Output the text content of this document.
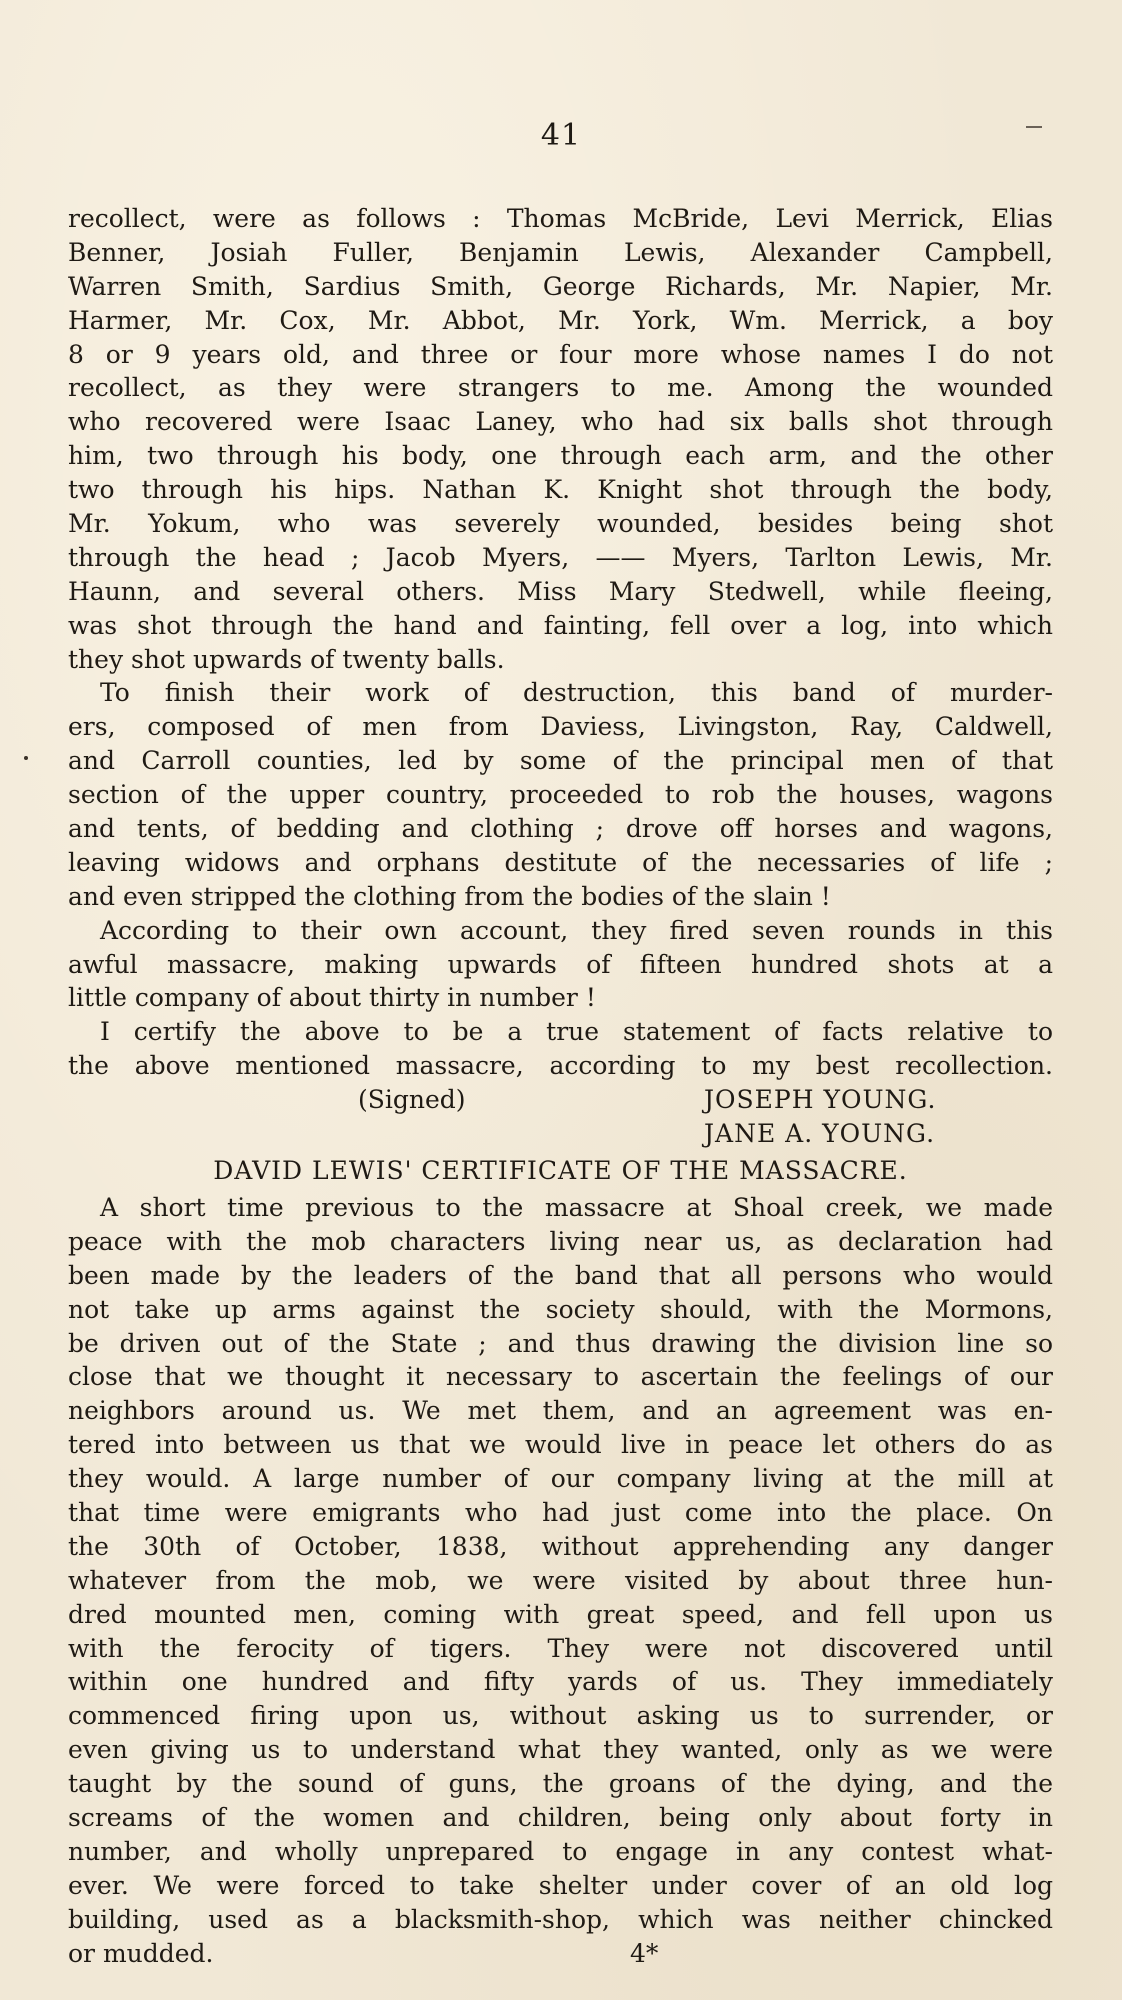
41
recollect, were as follows : Thomas McBride, Levi Merrick, Elias
Benner, Josiah Fuller, Benjamin Lewis, Alexander Campbell,
Warren Smith, Sardius Smith, George Richards, Mr. Napier, Mr.
Harmer, Mr. Cox, Mr. Abbot, Mr. York, Wm. Merrick, a boy
8 or 9 years old, and three or four more whose names I do not
recollect, as they were strangers to me. Among the wounded
who recovered were Isaac Laney, who had six balls shot through
him, two through his body, one through each arm, and the other
two through his hips. Nathan K. Knight shot through the body,
Mr. Yokum, who was severely wounded, besides being shot
through the head ; Jacob Myers, —— Myers, Tarlton Lewis, Mr.
Haunn, and several others. Miss Mary Stedwell, while fleeing,
was shot through the hand and fainting, fell over a log, into which
they shot upwards of twenty balls.
To finish their work of destruction, this band of murder-
ers, composed of men from Daviess, Livingston, Ray, Caldwell,
and Carroll counties, led by some of the principal men of that
section of the upper country, proceeded to rob the houses, wagons
and tents, of bedding and clothing ; drove off horses and wagons,
leaving widows and orphans destitute of the necessaries of life ;
and even stripped the clothing from the bodies of the slain !
According to their own account, they fired seven rounds in this
awful massacre, making upwards of fifteen hundred shots at a
little company of about thirty in number !
I certify the above to be a true statement of facts relative to
the above mentioned massacre, according to my best recollection.
(Signed)	JOSEPH YOUNG.
JANE A. YOUNG.
DAVID LEWIS' CERTIFICATE OF THE MASSACRE.
A short time previous to the massacre at Shoal creek, we made
peace with the mob characters living near us, as declaration had
been made by the leaders of the band that all persons who would
not take up arms against the society should, with the Mormons,
be driven out of the State ; and thus drawing the division line so
close that we thought it necessary to ascertain the feelings of our
neighbors around us. We met them, and an agreement was en-
tered into between us that we would live in peace let others do as
they would. A large number of our company living at the mill at
that time were emigrants who had just come into the place. On
the 30th of October, 1838, without apprehending any danger
whatever from the mob, we were visited by about three hun-
dred mounted men, coming with great speed, and fell upon us
with the ferocity of tigers. They were not discovered until
within one hundred and fifty yards of us. They immediately
commenced firing upon us, without asking us to surrender, or
even giving us to understand what they wanted, only as we were
taught by the sound of guns, the groans of the dying, and the
screams of the women and children, being only about forty in
number, and wholly unprepared to engage in any contest what-
ever. We were forced to take shelter under cover of an old log
building, used as a blacksmith-shop, which was neither chincked
or mudded.	4*
